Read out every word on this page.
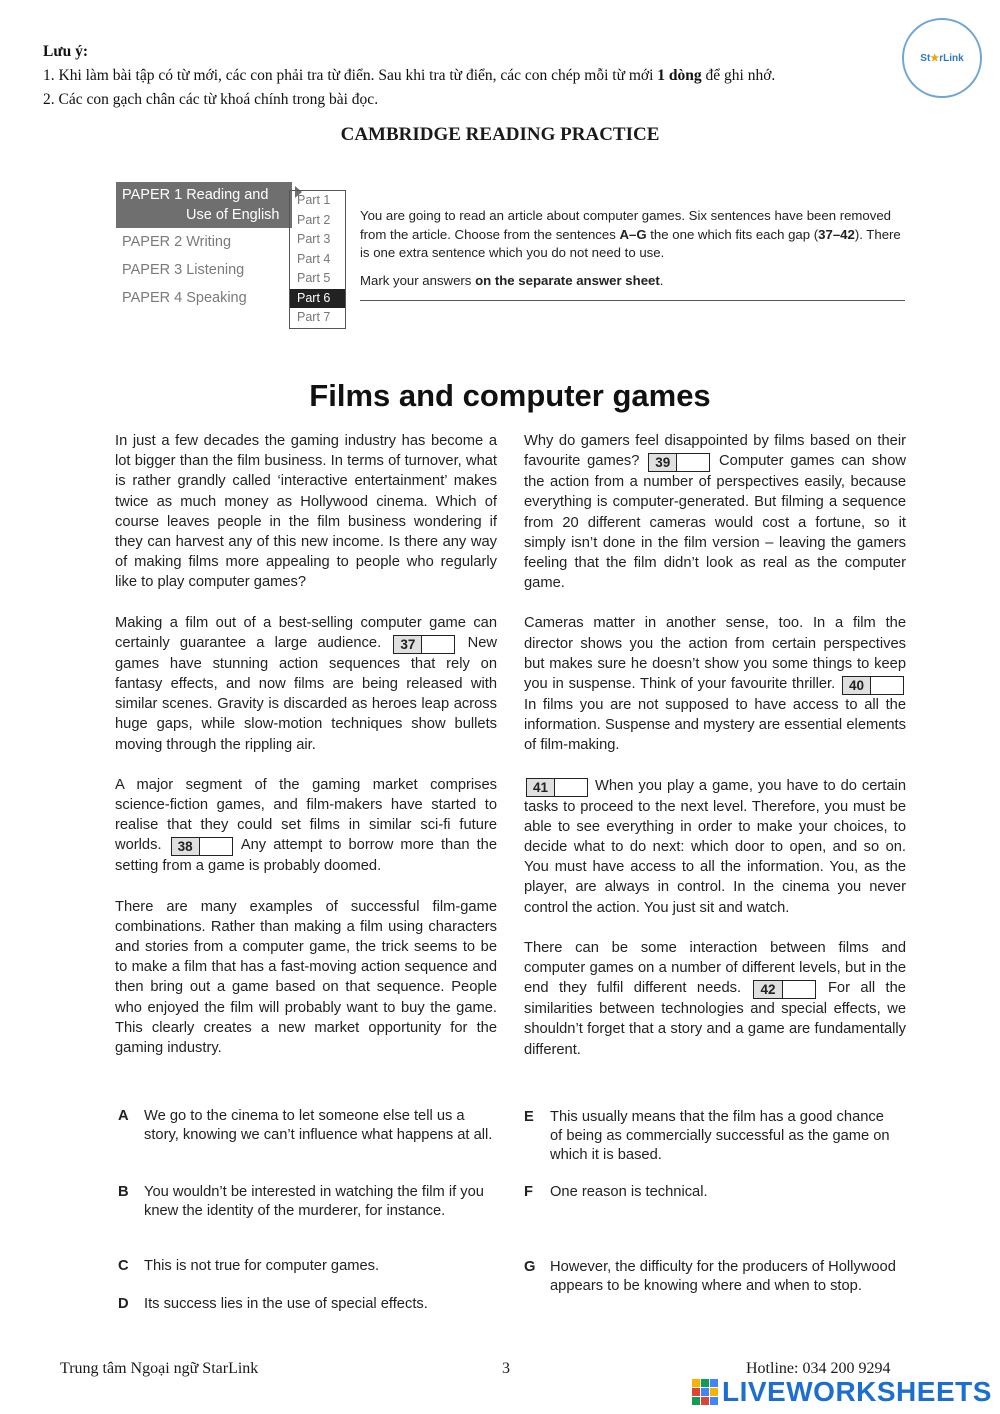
Lưu ý:
1. Khi làm bài tập có từ mới, các con phải tra từ điển. Sau khi tra từ điển, các con chép mỗi từ mới 1 dòng để ghi nhớ.
2. Các con gạch chân các từ khoá chính trong bài đọc.
St ★ rLink
CAMBRIDGE READING PRACTICE
PAPER 1 Reading and
Use of English
PAPER 2 Writing
PAPER 3 Listening
PAPER 4 Speaking
Part 1
Part 2
Part 3
Part 4
Part 5
Part 6
Part 7

You are going to read an article about computer games. Six sentences have been removed from the article. Choose from the sentences A–G the one which fits each gap (37–42). There is one extra sentence which you do not need to use.

Mark your answers on the separate answer sheet.

Films and computer games

In just a few decades the gaming industry has become a lot bigger than the film business. In terms of turnover, what is rather grandly called ‘interactive entertainment’ makes twice as much money as Hollywood cinema. Which of course leaves people in the film business wondering if they can harvest any of this new income. Is there any way of making films more appealing to people who regularly like to play computer games?

Making a film out of a best-selling computer game can certainly guarantee a large audience.	37	New games have stunning action sequences that rely on fantasy effects, and now films are being released with similar scenes. Gravity is discarded as heroes leap across huge gaps, while slow-motion techniques show bullets moving through the rippling air.

A major segment of the gaming market comprises science-fiction games, and film-makers have started to realise that they could set films in similar sci-fi future worlds.	38	Any attempt to borrow more than the setting from a game is probably doomed.

There are many examples of successful film-game combinations. Rather than making a film using characters and stories from a computer game, the trick seems to be to make a film that has a fast-moving action sequence and then bring out a game based on that sequence. People who enjoyed the film will probably want to buy the game. This clearly creates a new market opportunity for the gaming industry.

Why do gamers feel disappointed by films based on their favourite games?	39	Computer games can show the action from a number of perspectives easily, because everything is computer-generated. But filming a sequence from 20 different cameras would cost a fortune, so it simply isn’t done in the film version – leaving the gamers feeling that the film didn’t look as real as the computer game.

Cameras matter in another sense, too. In a film the director shows you the action from certain perspectives but makes sure he doesn’t show you some things to keep you in suspense. Think of your favourite thriller.	40
In films you are not supposed to have access to all the information. Suspense and mystery are essential elements of film-making.

41	When you play a game, you have to do certain tasks to proceed to the next level. Therefore, you must be able to see everything in order to make your choices, to decide what to do next: which door to open, and so on. You must have access to all the information. You, as the player, are always in control. In the cinema you never control the action. You just sit and watch.

There can be some interaction between films and computer games on a number of different levels, but in the end they fulfil different needs.	42	For all the similarities between technologies and special effects, we shouldn’t forget that a story and a game are fundamentally different.

A	We go to the cinema to let someone else tell us a story, knowing we can’t influence what happens at all.
B	You wouldn’t be interested in watching the film if you knew the identity of the murderer, for instance.
C	This is not true for computer games.
D	Its success lies in the use of special effects.
E	This usually means that the film has a good chance of being as commercially successful as the game on which it is based.
F	One reason is technical.
G However, the difficulty for the producers of Hollywood appears to be knowing where and when to stop.
Trung tâm Ngoại ngữ StarLink	3	Hotline: 034 200 9294
LIVEWORKSHEETS
